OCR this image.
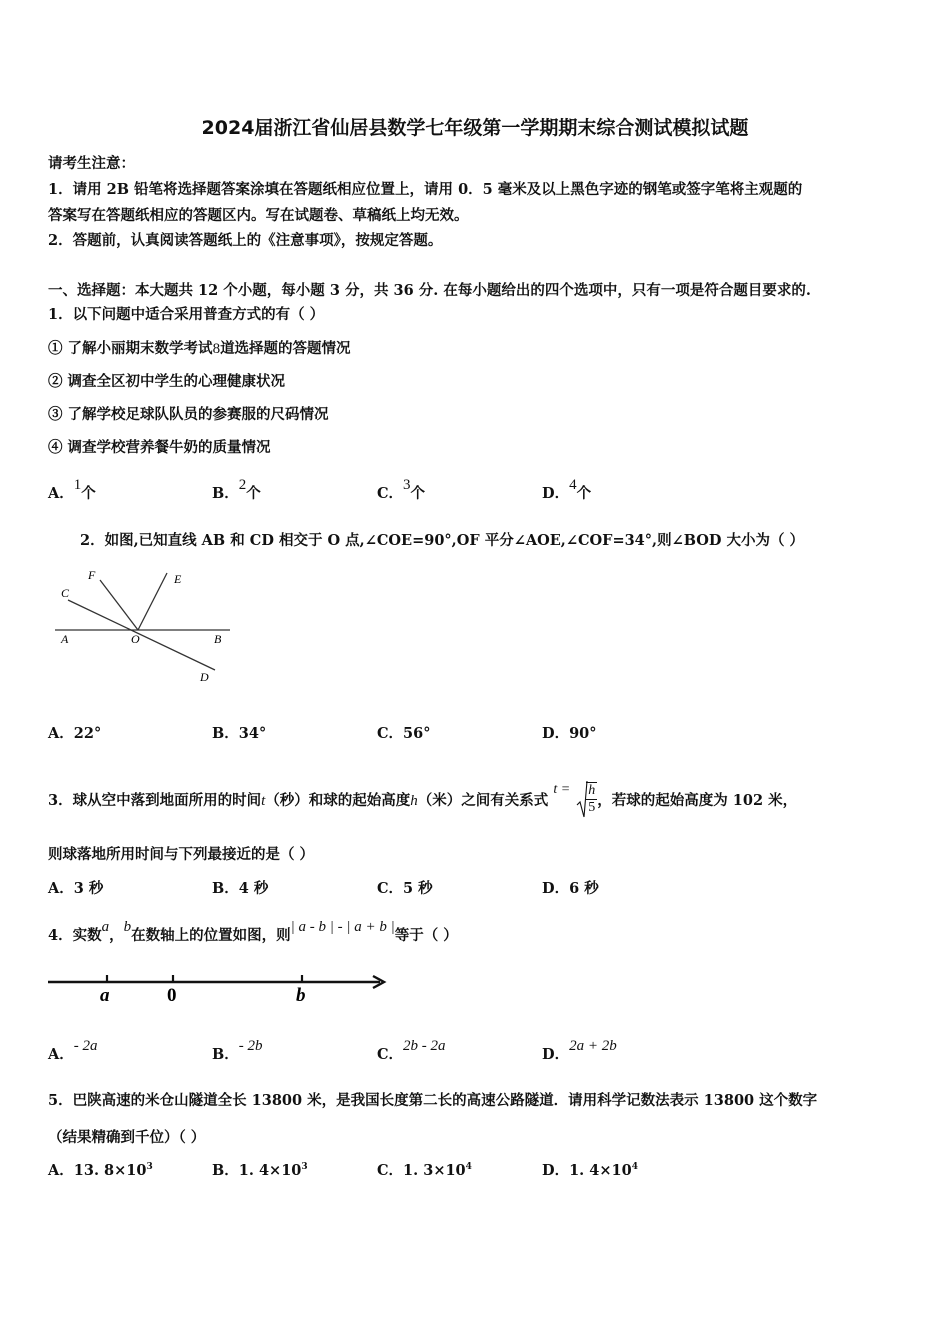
2024届浙江省仙居县数学七年级第一学期期末综合测试模拟试题
请考生注意：
1．请用 2B 铅笔将选择题答案涂填在答题纸相应位置上，请用 0．5 毫米及以上黑色字迹的钢笔或签字笔将主观题的
答案写在答题纸相应的答题区内。写在试题卷、草稿纸上均无效。
2．答题前，认真阅读答题纸上的《注意事项》，按规定答题。
一、选择题：本大题共 12 个小题，每小题 3 分，共 36 分. 在每小题给出的四个选项中，只有一项是符合题目要求的.
1．以下问题中适合采用普查方式的有（ ）
① 了解小丽期末数学考试8道选择题的答题情况
② 调查全区初中学生的心理健康状况
③ 了解学校足球队队员的参赛服的尺码情况
④ 调查学校营养餐牛奶的质量情况
A．1个	B．2个	C．3个	D．4个
2．如图,已知直线 AB 和 CD 相交于 O 点,∠COE=90°,OF 平分∠AOE,∠COF=34°,则∠BOD 大小为（ ）
A	B
C
D
E
F
O
A．22°	B．34°	C．56°	D．90°
3．球从空中落到地面所用的时间t（秒）和球的起始高度h（米）之间有关系式 $t = \frac{h}{5}$ ，若球的起始高度为 102 米，
则球落地所用时间与下列最接近的是（ ）
A．3 秒	B．4 秒	C．5 秒	D．6 秒
4．实数a，b在数轴上的位置如图，则| a - b | - | a + b |等于（ ）
a	0	b
A．- 2a	B．- 2b	C．2b - 2a	D．2a + 2b
5．巴陕高速的米仓山隧道全长 13800 米，是我国长度第二长的高速公路隧道．请用科学记数法表示 13800 这个数字
（结果精确到千位）（ ）
A．13. $8\times 10^3$	B．1. $4\times 10^3$	C．1. $3\times 10^4$	D．1. $4\times 10^4$
